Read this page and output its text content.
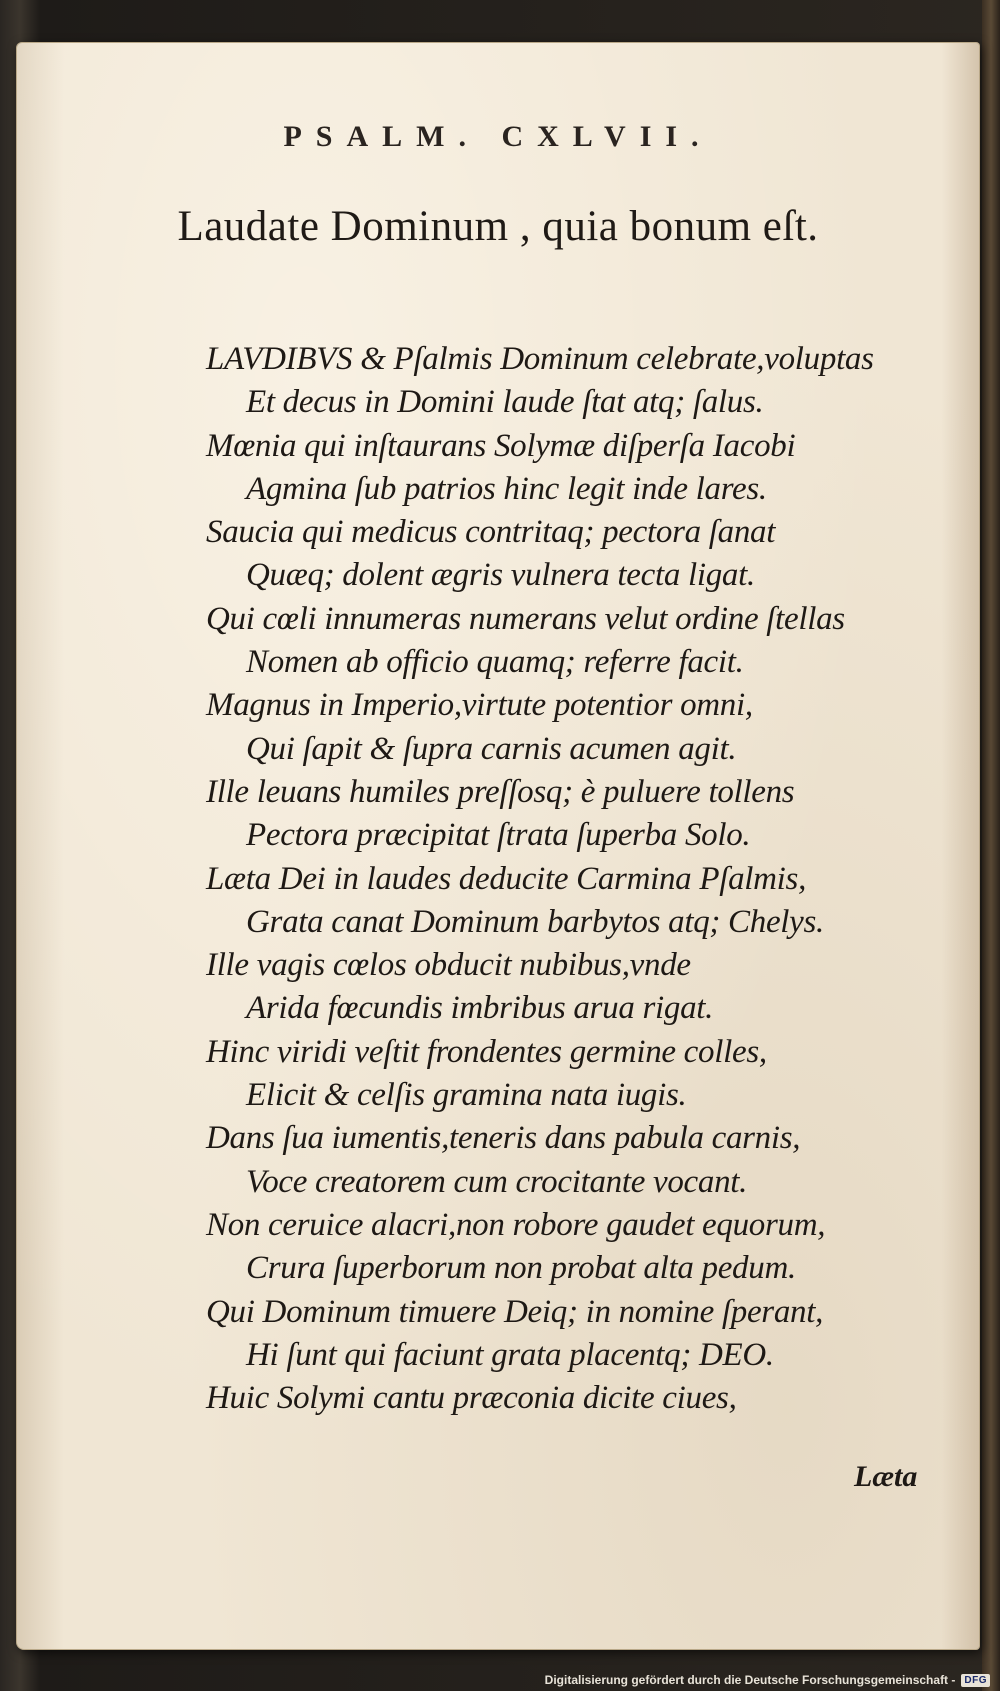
PSALM. CXLVII.
Laudate Dominum , quia bonum eſt.
LAVDIBVS & Pſalmis Dominum celebrate,voluptas
Et decus in Domini laude ſtat atq; ſalus.
Mœnia qui inſtaurans Solymæ diſperſa Iacobi
Agmina ſub patrios hinc legit inde lares.
Saucia qui medicus contritaq; pectora ſanat
Quæq; dolent ægris vulnera tecta ligat.
Qui cœli innumeras numerans velut ordine ſtellas
Nomen ab officio quamq; referre facit.
Magnus in Imperio,virtute potentior omni,
Qui ſapit & ſupra carnis acumen agit.
Ille leuans humiles preſſosq; è puluere tollens
Pectora præcipitat ſtrata ſuperba Solo.
Læta Dei in laudes deducite Carmina Pſalmis,
Grata canat Dominum barbytos atq; Chelys.
Ille vagis cœlos obducit nubibus,vnde
Arida fœcundis imbribus arua rigat.
Hinc viridi veſtit frondentes germine colles,
Elicit & celſis gramina nata iugis.
Dans ſua iumentis,teneris dans pabula carnis,
Voce creatorem cum crocitante vocant.
Non ceruice alacri,non robore gaudet equorum,
Crura ſuperborum non probat alta pedum.
Qui Dominum timuere Deiq; in nomine ſperant,
Hi ſunt qui faciunt grata placentq; DEO.
Huic Solymi cantu præconia dicite ciues,
Læta
Digitalisierung gefördert durch die Deutsche Forschungsgemeinschaft - DFG
